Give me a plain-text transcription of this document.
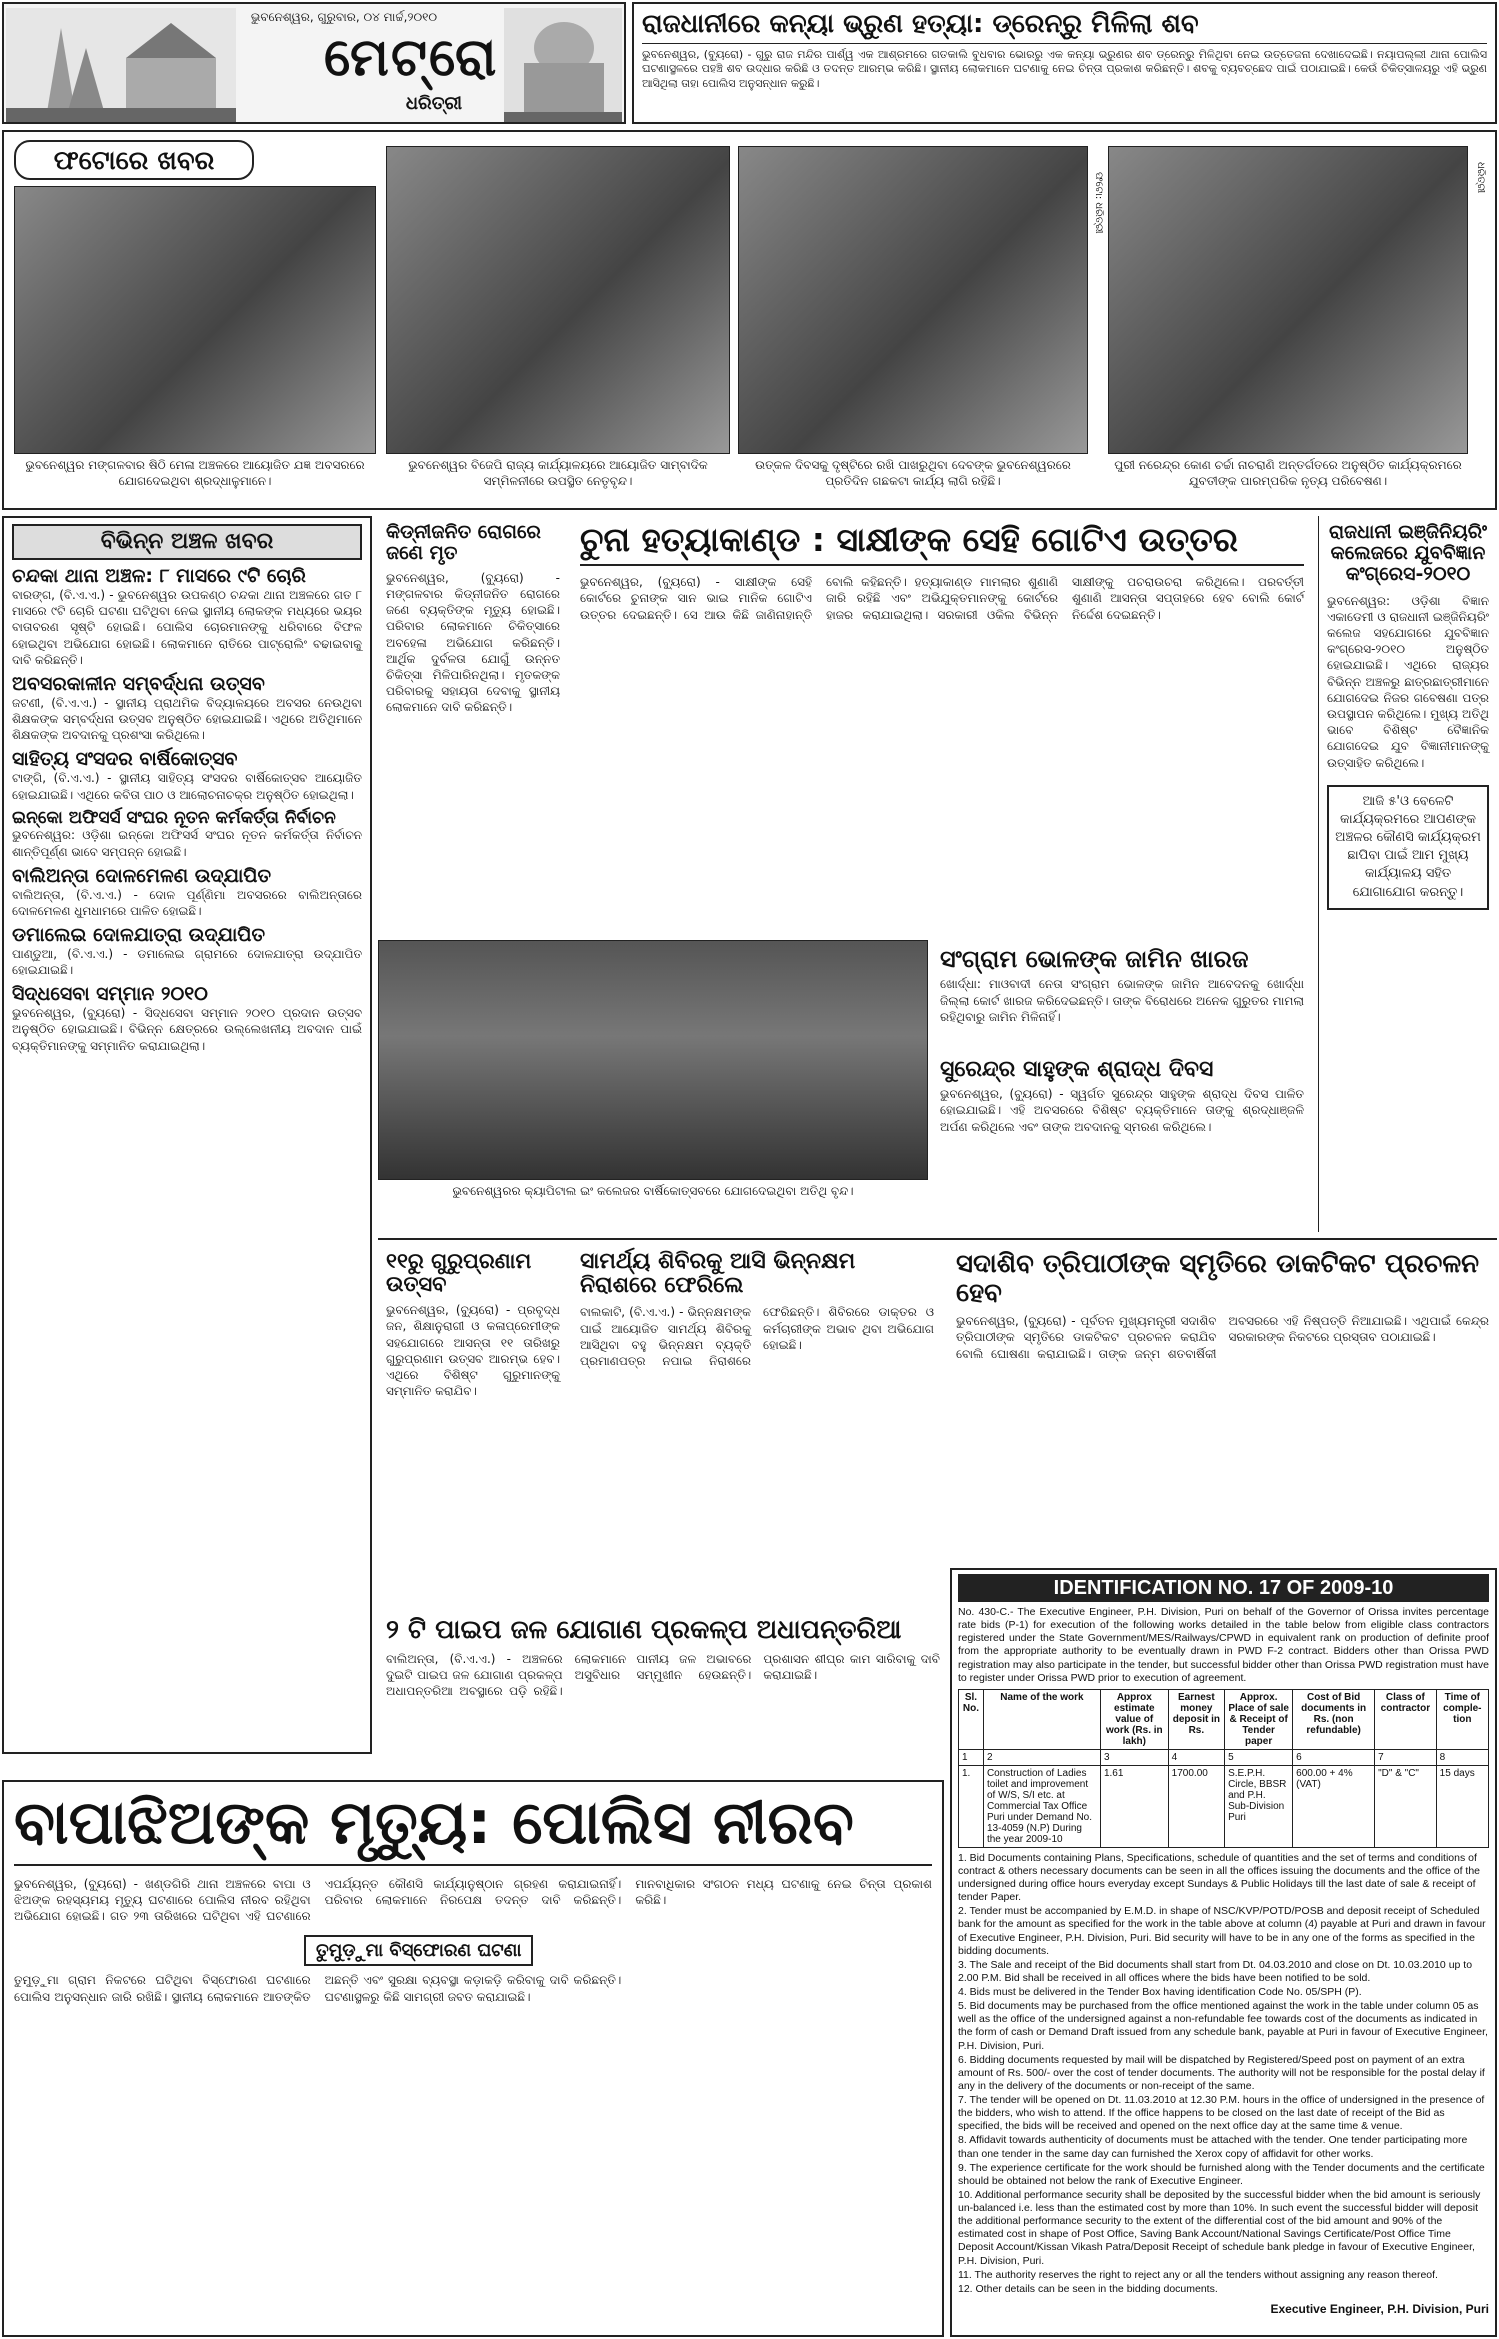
ଭୁବନେଶ୍ୱର, ଗୁରୁବାର, ୦୪ ମାର୍ଚ୍ଚ,୨୦୧୦
ମେଟ୍ରୋ
ଧରିତ୍ରୀ
ରାଜଧାନୀରେ କନ୍ୟା ଭ୍ରୁଣ ହତ୍ୟା: ଡ୍ରେନ୍‌ରୁ ମିଳିଲା ଶବ
ଭୁବନେଶ୍ୱର, (ବ୍ୟୁରୋ) - ଗୁରୁ ରାଜ ମନ୍ଦିର ପାର୍ଶ୍ୱ ଏକ ଆଶ୍ରମରେ ଗତକାଲି ବୁଧବାର ଭୋରରୁ ଏକ କନ୍ୟା ଭ୍ରୁଣର ଶବ ଡ୍ରେନ୍‌ରୁ ମିଳିଥିବା ନେଇ ଉତ୍ତେଜନା ଦେଖାଦେଇଛି। ନୟାପଲ୍ଲୀ ଥାନା ପୋଲିସ ଘଟଣାସ୍ଥଳରେ ପହଞ୍ଚି ଶବ ଉଦ୍ଧାର କରିଛି ଓ ତଦନ୍ତ ଆରମ୍ଭ କରିଛି। ସ୍ଥାନୀୟ ଲୋକମାନେ ଘଟଣାକୁ ନେଇ ଚିନ୍ତା ପ୍ରକାଶ କରିଛନ୍ତି। ଶବକୁ ବ୍ୟବଚ୍ଛେଦ ପାଇଁ ପଠାଯାଇଛି। କେଉଁ ଚିକିତ୍ସାଳୟରୁ ଏହି ଭ୍ରୁଣ ଆସିଥିଲା ତାହା ପୋଲିସ ଅନୁସନ୍ଧାନ କରୁଛି।
ଫଟୋରେ ଖବର
ଭୁବନେଶ୍ୱର ମଙ୍ଗଳବାର ଷିଠି ମେଳା ଅଞ୍ଚଳରେ ଆୟୋଜିତ ଯଜ୍ଞ ଅବସରରେ ଯୋଗଦେଇଥିବା ଶ୍ରଦ୍ଧାଳୁମାନେ।
ଭୁବନେଶ୍ୱର ବିଜେପି ରାଜ୍ୟ କାର୍ଯ୍ୟାଳୟରେ ଆୟୋଜିତ ସାମ୍ବାଦିକ ସମ୍ମିଳନୀରେ ଉପସ୍ଥିତ ନେତୃବୃନ୍ଦ।
ଫଟୋ: ଧରିତ୍ରୀ
ଉତ୍କଳ ଦିବସକୁ ଦୃଷ୍ଟିରେ ରଖି ପାଖରୁଥିବା ଦେବଙ୍କ ଭୁବନେଶ୍ୱରରେ ପ୍ରତିଦିନ ଗଛକଟା କାର୍ଯ୍ୟ ଲାଗି ରହିଛି।
ଧରିତ୍ରୀ
ପୁରୀ ନରେନ୍ଦ୍ର କୋଣ ଚର୍ଚ୍ଚା ନାଚରାଣି ଅନ୍ତର୍ଗତରେ ଅନୁଷ୍ଠିତ କାର୍ଯ୍ୟକ୍ରମରେ ଯୁବତୀଙ୍କ ପାରମ୍ପରିକ ନୃତ୍ୟ ପରିବେଷଣ।
ବିଭିନ୍ନ ଅଞ୍ଚଳ ଖବର
ଚନ୍ଦକା ଥାନା ଅଞ୍ଚଳ: ୮ ମାସରେ ୯ଟି ଚୋରି
ବାରଙ୍ଗ, (ବି.ଏ.ଏ.) - ଭୁବନେଶ୍ୱର ଉପକଣ୍ଠ ଚନ୍ଦକା ଥାନା ଅଞ୍ଚଳରେ ଗତ ୮ ମାସରେ ୯ଟି ଚୋରି ଘଟଣା ଘଟିଥିବା ନେଇ ସ୍ଥାନୀୟ ଲୋକଙ୍କ ମଧ୍ୟରେ ଭୟର ବାତାବରଣ ସୃଷ୍ଟି ହୋଇଛି। ପୋଲିସ ଚୋରମାନଙ୍କୁ ଧରିବାରେ ବିଫଳ ହୋଇଥିବା ଅଭିଯୋଗ ହୋଇଛି। ଲୋକମାନେ ରାତିରେ ପାଟ୍ରୋଲିଂ ବଢାଇବାକୁ ଦାବି କରିଛନ୍ତି।
ଅବସରକାଳୀନ ସମ୍ବର୍ଦ୍ଧନା ଉତ୍ସବ
ଜଟଣୀ, (ବି.ଏ.ଏ.) - ସ୍ଥାନୀୟ ପ୍ରାଥମିକ ବିଦ୍ୟାଳୟରେ ଅବସର ନେଉଥିବା ଶିକ୍ଷକଙ୍କ ସମ୍ବର୍ଦ୍ଧନା ଉତ୍ସବ ଅନୁଷ୍ଠିତ ହୋଇଯାଇଛି। ଏଥିରେ ଅତିଥିମାନେ ଶିକ୍ଷକଙ୍କ ଅବଦାନକୁ ପ୍ରଶଂସା କରିଥିଲେ।
ସାହିତ୍ୟ ସଂସଦର ବାର୍ଷିକୋତ୍ସବ
ଟାଙ୍ଗି, (ବି.ଏ.ଏ.) - ସ୍ଥାନୀୟ ସାହିତ୍ୟ ସଂସଦର ବାର୍ଷିକୋତ୍ସବ ଆୟୋଜିତ ହୋଇଯାଇଛି। ଏଥିରେ କବିତା ପାଠ ଓ ଆଲୋଚନାଚକ୍ର ଅନୁଷ୍ଠିତ ହୋଇଥିଲା।
ଇନ୍‌କୋ ଅଫିସର୍ସ ସଂଘର ନୂତନ କର୍ମକର୍ତ୍ତା ନିର୍ବାଚନ
ଭୁବନେଶ୍ୱର: ଓଡ଼ିଶା ଇନ୍‌କୋ ଅଫିସର୍ସ ସଂଘର ନୂତନ କର୍ମକର୍ତ୍ତା ନିର୍ବାଚନ ଶାନ୍ତିପୂର୍ଣ୍ଣ ଭାବେ ସମ୍ପନ୍ନ ହୋଇଛି।
ବାଲିଅନ୍ତା ଦୋଳମେଳଣ ଉଦ୍‌ଯାପିତ
ବାଲିଅନ୍ତା, (ବି.ଏ.ଏ.) - ଦୋଳ ପୂର୍ଣ୍ଣିମା ଅବସରରେ ବାଲିଅନ୍ତାରେ ଦୋଳମେଳଣ ଧୁମଧାମରେ ପାଳିତ ହୋଇଛି।
ଡମାଲେଇ ଦୋଳଯାତ୍ରା ଉଦ୍‌ଯାପିତ
ପାଣ୍ଡୁଆ, (ବି.ଏ.ଏ.) - ଡମାଲେଇ ଗ୍ରାମରେ ଦୋଳଯାତ୍ରା ଉଦ୍‌ଯାପିତ ହୋଇଯାଇଛି।
ସିଦ୍ଧସେବା ସମ୍ମାନ ୨୦୧୦
ଭୁବନେଶ୍ୱର, (ବ୍ୟୁରୋ) - ସିଦ୍ଧସେବା ସମ୍ମାନ ୨୦୧୦ ପ୍ରଦାନ ଉତ୍ସବ ଅନୁଷ୍ଠିତ ହୋଇଯାଇଛି। ବିଭିନ୍ନ କ୍ଷେତ୍ରରେ ଉଲ୍ଲେଖନୀୟ ଅବଦାନ ପାଇଁ ବ୍ୟକ୍ତିମାନଙ୍କୁ ସମ୍ମାନିତ କରାଯାଇଥିଲା।
କିଡ୍‌ନୀଜନିତ ରୋଗରେ ଜଣେ ମୃତ
ଭୁବନେଶ୍ୱର, (ବ୍ୟୁରୋ) - ମଙ୍ଗଳବାର କିଡ୍‌ନୀଜନିତ ରୋଗରେ ଜଣେ ବ୍ୟକ୍ତିଙ୍କ ମୃତ୍ୟୁ ହୋଇଛି। ପରିବାର ଲୋକମାନେ ଚିକିତ୍ସାରେ ଅବହେଳା ଅଭିଯୋଗ କରିଛନ୍ତି। ଆର୍ଥିକ ଦୁର୍ବଳତା ଯୋଗୁଁ ଉନ୍ନତ ଚିକିତ୍ସା ମିଳିପାରିନଥିଲା। ମୃତକଙ୍କ ପରିବାରକୁ ସହାୟତା ଦେବାକୁ ସ୍ଥାନୀୟ ଲୋକମାନେ ଦାବି କରିଛନ୍ତି।
ଚୁନା ହତ୍ୟାକାଣ୍ଡ : ସାକ୍ଷୀଙ୍କ ସେହି ଗୋଟିଏ ଉତ୍ତର
ଭୁବନେଶ୍ୱର, (ବ୍ୟୁରୋ) - ସାକ୍ଷୀଙ୍କ ସେହି କୋର୍ଟରେ ଚୁନାଙ୍କ ସାନ ଭାଇ ମାନିକ ଗୋଟିଏ ଉତ୍ତର ଦେଇଛନ୍ତି। ସେ ଆଉ କିଛି ଜାଣିନାହାନ୍ତି ବୋଲି କହିଛନ୍ତି। ହତ୍ୟାକାଣ୍ଡ ମାମଲାର ଶୁଣାଣି ଜାରି ରହିଛି ଏବଂ ଅଭିଯୁକ୍ତମାନଙ୍କୁ କୋର୍ଟରେ ହାଜର କରାଯାଇଥିଲା। ସରକାରୀ ଓକିଲ ବିଭିନ୍ନ ସାକ୍ଷୀଙ୍କୁ ପଚରାଉଚରା କରିଥିଲେ। ପରବର୍ତ୍ତୀ ଶୁଣାଣି ଆସନ୍ତା ସପ୍ତାହରେ ହେବ ବୋଲି କୋର୍ଟ ନିର୍ଦ୍ଦେଶ ଦେଇଛନ୍ତି।
ରାଜଧାନୀ ଇଞ୍ଜିନିୟରିଂ କଲେଜରେ ଯୁବବିଜ୍ଞାନ କଂଗ୍ରେସ-୨୦୧୦
ଭୁବନେଶ୍ୱର: ଓଡ଼ିଶା ବିଜ୍ଞାନ ଏକାଡେମୀ ଓ ରାଜଧାନୀ ଇଞ୍ଜିନିୟରିଂ କଲେଜ ସହଯୋଗରେ ଯୁବବିଜ୍ଞାନ କଂଗ୍ରେସ-୨୦୧୦ ଅନୁଷ୍ଠିତ ହୋଇଯାଇଛି। ଏଥିରେ ରାଜ୍ୟର ବିଭିନ୍ନ ଅଞ୍ଚଳରୁ ଛାତ୍ରଛାତ୍ରୀମାନେ ଯୋଗଦେଇ ନିଜର ଗବେଷଣା ପତ୍ର ଉପସ୍ଥାପନ କରିଥିଲେ। ମୁଖ୍ୟ ଅତିଥି ଭାବେ ବିଶିଷ୍ଟ ବୈଜ୍ଞାନିକ ଯୋଗଦେଇ ଯୁବ ବିଜ୍ଞାନୀମାନଙ୍କୁ ଉତ୍ସାହିତ କରିଥିଲେ।
ଆଜି ୫'ଓ ବେଳେଟି କାର୍ଯ୍ୟକ୍ରମରେ ଆପଣଙ୍କ ଅଞ୍ଚଳର କୌଣସି କାର୍ଯ୍ୟକ୍ରମ ଛାପିବା ପାଇଁ ଆମ ମୁଖ୍ୟ କାର୍ଯ୍ୟାଳୟ ସହିତ ଯୋଗାଯୋଗ କରନ୍ତୁ।
ଭୁବନେଶ୍ୱରର କ୍ୟାପିଟାଲ ଇଂ କଲେଜର ବାର୍ଷିକୋତ୍ସବରେ ଯୋଗଦେଇଥିବା ଅତିଥି ବୃନ୍ଦ।
ସଂଗ୍ରାମ ଭୋଳଙ୍କ ଜାମିନ ଖାରଜ
ଖୋର୍ଦ୍ଧା: ମାଓବାଦୀ ନେତା ସଂଗ୍ରାମ ଭୋଳଙ୍କ ଜାମିନ ଆବେଦନକୁ ଖୋର୍ଦ୍ଧା ଜିଲ୍ଲା କୋର୍ଟ ଖାରଜ କରିଦେଇଛନ୍ତି। ତାଙ୍କ ବିରୋଧରେ ଅନେକ ଗୁରୁତର ମାମଲା ରହିଥିବାରୁ ଜାମିନ ମିଳିନାହିଁ।
ସୁରେନ୍ଦ୍ର ସାହୁଙ୍କ ଶ୍ରାଦ୍ଧ ଦିବସ
ଭୁବନେଶ୍ୱର, (ବ୍ୟୁରୋ) - ସ୍ୱର୍ଗତ ସୁରେନ୍ଦ୍ର ସାହୁଙ୍କ ଶ୍ରାଦ୍ଧ ଦିବସ ପାଳିତ ହୋଇଯାଇଛି। ଏହି ଅବସରରେ ବିଶିଷ୍ଟ ବ୍ୟକ୍ତିମାନେ ତାଙ୍କୁ ଶ୍ରଦ୍ଧାଞ୍ଜଳି ଅର୍ପଣ କରିଥିଲେ ଏବଂ ତାଙ୍କ ଅବଦାନକୁ ସ୍ମରଣ କରିଥିଲେ।
୧୧ରୁ ଗୁରୁପ୍ରଣାମ ଉତ୍ସବ
ଭୁବନେଶ୍ୱର, (ବ୍ୟୁରୋ) - ପ୍ରବୃଦ୍ଧ ଜନ, ଶିକ୍ଷାନୁରାଗୀ ଓ କଳାପ୍ରେମୀଙ୍କ ସହଯୋଗରେ ଆସନ୍ତା ୧୧ ତାରିଖରୁ ଗୁରୁପ୍ରଣାମ ଉତ୍ସବ ଆରମ୍ଭ ହେବ। ଏଥିରେ ବିଶିଷ୍ଟ ଗୁରୁମାନଙ୍କୁ ସମ୍ମାନିତ କରାଯିବ।
ସାମର୍ଥ୍ୟ ଶିବିରକୁ ଆସି ଭିନ୍ନକ୍ଷମ ନିରାଶରେ ଫେରିଲେ
ବାଲକାଟି, (ବି.ଏ.ଏ.) - ଭିନ୍ନକ୍ଷମଙ୍କ ପାଇଁ ଆୟୋଜିତ ସାମର୍ଥ୍ୟ ଶିବିରକୁ ଆସିଥିବା ବହୁ ଭିନ୍ନକ୍ଷମ ବ୍ୟକ୍ତି ପ୍ରମାଣପତ୍ର ନପାଇ ନିରାଶରେ ଫେରିଛନ୍ତି। ଶିବିରରେ ଡାକ୍ତର ଓ କର୍ମଚାରୀଙ୍କ ଅଭାବ ଥିବା ଅଭିଯୋଗ ହୋଇଛି।
ସଦାଶିବ ତ୍ରିପାଠୀଙ୍କ ସ୍ମୃତିରେ ଡାକଟିକଟ ପ୍ରଚଳନ ହେବ
ଭୁବନେଶ୍ୱର, (ବ୍ୟୁରୋ) - ପୂର୍ବତନ ମୁଖ୍ୟମନ୍ତ୍ରୀ ସଦାଶିବ ତ୍ରିପାଠୀଙ୍କ ସ୍ମୃତିରେ ଡାକଟିକଟ ପ୍ରଚଳନ କରାଯିବ ବୋଲି ଘୋଷଣା କରାଯାଇଛି। ତାଙ୍କ ଜନ୍ମ ଶତବାର୍ଷିକୀ ଅବସରରେ ଏହି ନିଷ୍ପତ୍ତି ନିଆଯାଇଛି। ଏଥିପାଇଁ କେନ୍ଦ୍ର ସରକାରଙ୍କ ନିକଟରେ ପ୍ରସ୍ତାବ ପଠାଯାଇଛି।
୨ ଟି ପାଇପ ଜଳ ଯୋଗାଣ ପ୍ରକଳ୍ପ ଅଧାପନ୍ତରିଆ
ବାଲିଅନ୍ତା, (ବି.ଏ.ଏ.) - ଅଞ୍ଚଳରେ ଦୁଇଟି ପାଇପ ଜଳ ଯୋଗାଣ ପ୍ରକଳ୍ପ ଅଧାପନ୍ତରିଆ ଅବସ୍ଥାରେ ପଡ଼ି ରହିଛି। ଲୋକମାନେ ପାନୀୟ ଜଳ ଅଭାବରେ ଅସୁବିଧାର ସମ୍ମୁଖୀନ ହେଉଛନ୍ତି। ପ୍ରଶାସନ ଶୀଘ୍ର କାମ ସାରିବାକୁ ଦାବି କରାଯାଇଛି।
IDENTIFICATION NO. 17 OF 2009-10
No. 430-C.- The Executive Engineer, P.H. Division, Puri on behalf of the Governor of Orissa invites percentage rate bids (P-1) for execution of the following works detailed in the table below from eligible class contractors registered under the State Government/MES/Railways/CPWD in equivalent rank on production of definite proof from the appropriate authority to be eventually drawn in PWD F-2 contract. Bidders other than Orissa PWD registration may also participate in the tender, but successful bidder other than Orissa PWD registration must have to register under Orissa PWD prior to execution of agreement.
Sl. No.	Name of the work	Approx estimate value of work (Rs. in lakh)	Earnest money deposit in Rs.	Approx. Place of sale & Receipt of Tender paper	Cost of Bid documents in Rs. (non refundable)	Class of contractor	Time of comple-tion
1	2	3	4	5	6	7	8
1.	Construction of Ladies toilet and improvement of W/S, S/I etc. at Commercial Tax Office Puri under Demand No. 13-4059 (N.P) During the year 2009-10	1.61	1700.00	S.E.P.H. Circle, BBSR and P.H. Sub-Division Puri	600.00 + 4% (VAT)	"D" & "C"	15 days
1. Bid Documents containing Plans, Specifications, schedule of quantities and the set of terms and conditions of contract & others necessary documents can be seen in all the offices issuing the documents and the office of the undersigned during office hours everyday except Sundays & Public Holidays till the last date of sale & receipt of tender Paper.
2. Tender must be accompanied by E.M.D. in shape of NSC/KVP/POTD/POSB and deposit receipt of Scheduled bank for the amount as specified for the work in the table above at column (4) payable at Puri and drawn in favour of Executive Engineer, P.H. Division, Puri. Bid security will have to be in any one of the forms as specified in the bidding documents.
3. The Sale and receipt of the Bid documents shall start from Dt. 04.03.2010 and close on Dt. 10.03.2010 up to 2.00 P.M. Bid shall be received in all offices where the bids have been notified to be sold.
4. Bids must be delivered in the Tender Box having identification Code No. 05/SPH (P).
5. Bid documents may be purchased from the office mentioned against the work in the table under column 05 as well as the office of the undersigned against a non-refundable fee towards cost of the documents as indicated in the form of cash or Demand Draft issued from any schedule bank, payable at Puri in favour of Executive Engineer, P.H. Division, Puri.
6. Bidding documents requested by mail will be dispatched by Registered/Speed post on payment of an extra amount of Rs. 500/- over the cost of tender documents. The authority will not be responsible for the postal delay if any in the delivery of the documents or non-receipt of the same.
7. The tender will be opened on Dt. 11.03.2010 at 12.30 P.M. hours in the office of undersigned in the presence of the bidders, who wish to attend. If the office happens to be closed on the last date of receipt of the Bid as specified, the bids will be received and opened on the next office day at the same time & venue.
8. Affidavit towards authenticity of documents must be attached with the tender. One tender participating more than one tender in the same day can furnished the Xerox copy of affidavit for other works.
9. The experience certificate for the work should be furnished along with the Tender documents and the certificate should be obtained not below the rank of Executive Engineer.
10. Additional performance security shall be deposited by the successful bidder when the bid amount is seriously un-balanced i.e. less than the estimated cost by more than 10%. In such event the successful bidder will deposit the additional performance security to the extent of the differential cost of the bid amount and 90% of the estimated cost in shape of Post Office, Saving Bank Account/National Savings Certificate/Post Office Time Deposit Account/Kissan Vikash Patra/Deposit Receipt of schedule bank pledge in favour of Executive Engineer, P.H. Division, Puri.
11. The authority reserves the right to reject any or all the tenders without assigning any reason thereof.
12. Other details can be seen in the bidding documents.
Executive Engineer, P.H. Division, Puri
ବାପାଝିଅଙ୍କ ମୃତ୍ୟୁ: ପୋଲିସ ନୀରବ
ଭୁବନେଶ୍ୱର, (ବ୍ୟୁରୋ) - ଖଣ୍ଡଗିରି ଥାନା ଅଞ୍ଚଳରେ ବାପା ଓ ଝିଅଙ୍କ ରହସ୍ୟମୟ ମୃତ୍ୟୁ ଘଟଣାରେ ପୋଲିସ ନୀରବ ରହିଥିବା ଅଭିଯୋଗ ହୋଇଛି। ଗତ ୨୩ ତାରିଖରେ ଘଟିଥିବା ଏହି ଘଟଣାରେ ଏପର୍ଯ୍ୟନ୍ତ କୌଣସି କାର୍ଯ୍ୟାନୁଷ୍ଠାନ ଗ୍ରହଣ କରାଯାଇନାହିଁ। ପରିବାର ଲୋକମାନେ ନିରପେକ୍ଷ ତଦନ୍ତ ଦାବି କରିଛନ୍ତି। ମାନବାଧିକାର ସଂଗଠନ ମଧ୍ୟ ଘଟଣାକୁ ନେଇ ଚିନ୍ତା ପ୍ରକାଶ କରିଛି।
ତୁମୁଡ଼ୁମା ବିସ୍ଫୋରଣ ଘଟଣା
ତୁମୁଡ଼ୁମା ଗ୍ରାମ ନିକଟରେ ଘଟିଥିବା ବିସ୍ଫୋରଣ ଘଟଣାରେ ପୋଲିସ ଅନୁସନ୍ଧାନ ଜାରି ରଖିଛି। ସ୍ଥାନୀୟ ଲୋକମାନେ ଆତଙ୍କିତ ଅଛନ୍ତି ଏବଂ ସୁରକ୍ଷା ବ୍ୟବସ୍ଥା କଡ଼ାକଡ଼ି କରିବାକୁ ଦାବି କରିଛନ୍ତି। ଘଟଣାସ୍ଥଳରୁ କିଛି ସାମଗ୍ରୀ ଜବତ କରାଯାଇଛି।
